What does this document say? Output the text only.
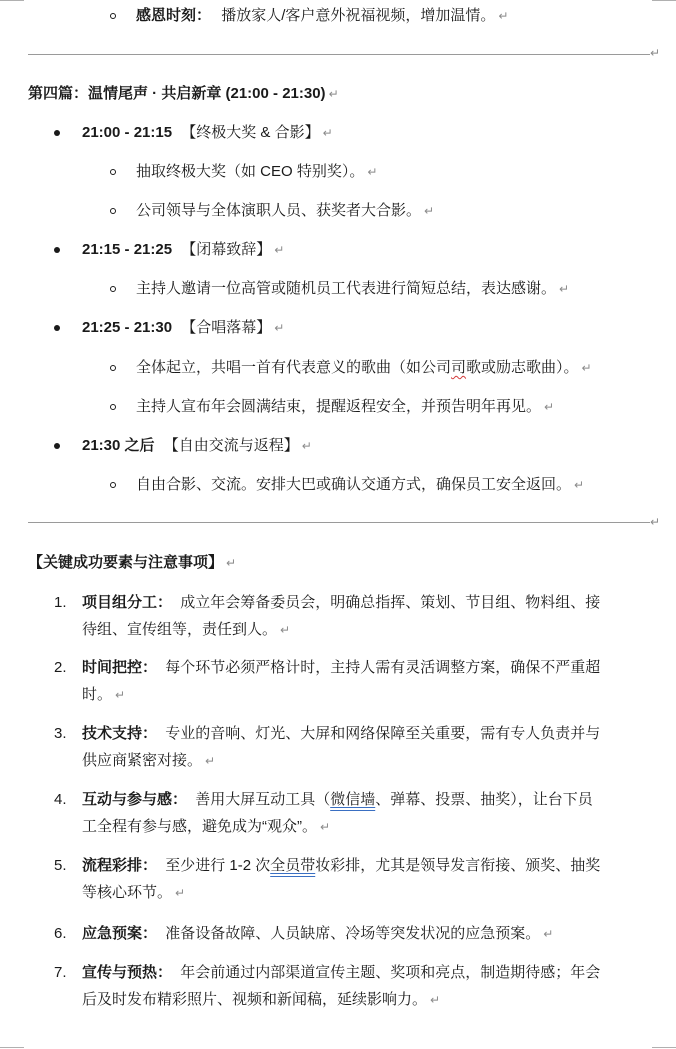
感恩时刻： 播放家人/客户意外祝福视频，增加温情。 ↵
↵
第四篇：温情尾声 · 共启新章 (21:00 - 21:30) ↵
21:00 - 21:15 【终极大奖 & 合影】 ↵
抽取终极大奖（如 CEO 特别奖）。 ↵
公司领导与全体演职人员、获奖者大合影。 ↵
21:15 - 21:25 【闭幕致辞】 ↵
主持人邀请一位高管或随机员工代表进行简短总结，表达感谢。 ↵
21:25 - 21:30 【合唱落幕】 ↵
全体起立，共唱一首有代表意义的歌曲（如公司司歌或励志歌曲）。 ↵
主持人宣布年会圆满结束，提醒返程安全，并预告明年再见。 ↵
21:30 之后 【自由交流与返程】 ↵
自由合影、交流。安排大巴或确认交通方式，确保员工安全返回。 ↵
↵
【关键成功要素与注意事项】 ↵
1. 项目组分工： 成立年会筹备委员会，明确总指挥、策划、节目组、物料组、接
待组、宣传组等，责任到人。 ↵
2. 时间把控： 每个环节必须严格计时，主持人需有灵活调整方案，确保不严重超
时。 ↵
3. 技术支持： 专业的音响、灯光、大屏和网络保障至关重要，需有专人负责并与
供应商紧密对接。 ↵
4. 互动与参与感： 善用大屏互动工具（微信墙、弹幕、投票、抽奖），让台下员
工全程有参与感，避免成为“观众”。 ↵
5. 流程彩排： 至少进行 1-2 次全员带妆彩排，尤其是领导发言衔接、颁奖、抽奖
等核心环节。 ↵
6. 应急预案： 准备设备故障、人员缺席、冷场等突发状况的应急预案。 ↵
7. 宣传与预热： 年会前通过内部渠道宣传主题、奖项和亮点，制造期待感；年会
后及时发布精彩照片、视频和新闻稿，延续影响力。 ↵
